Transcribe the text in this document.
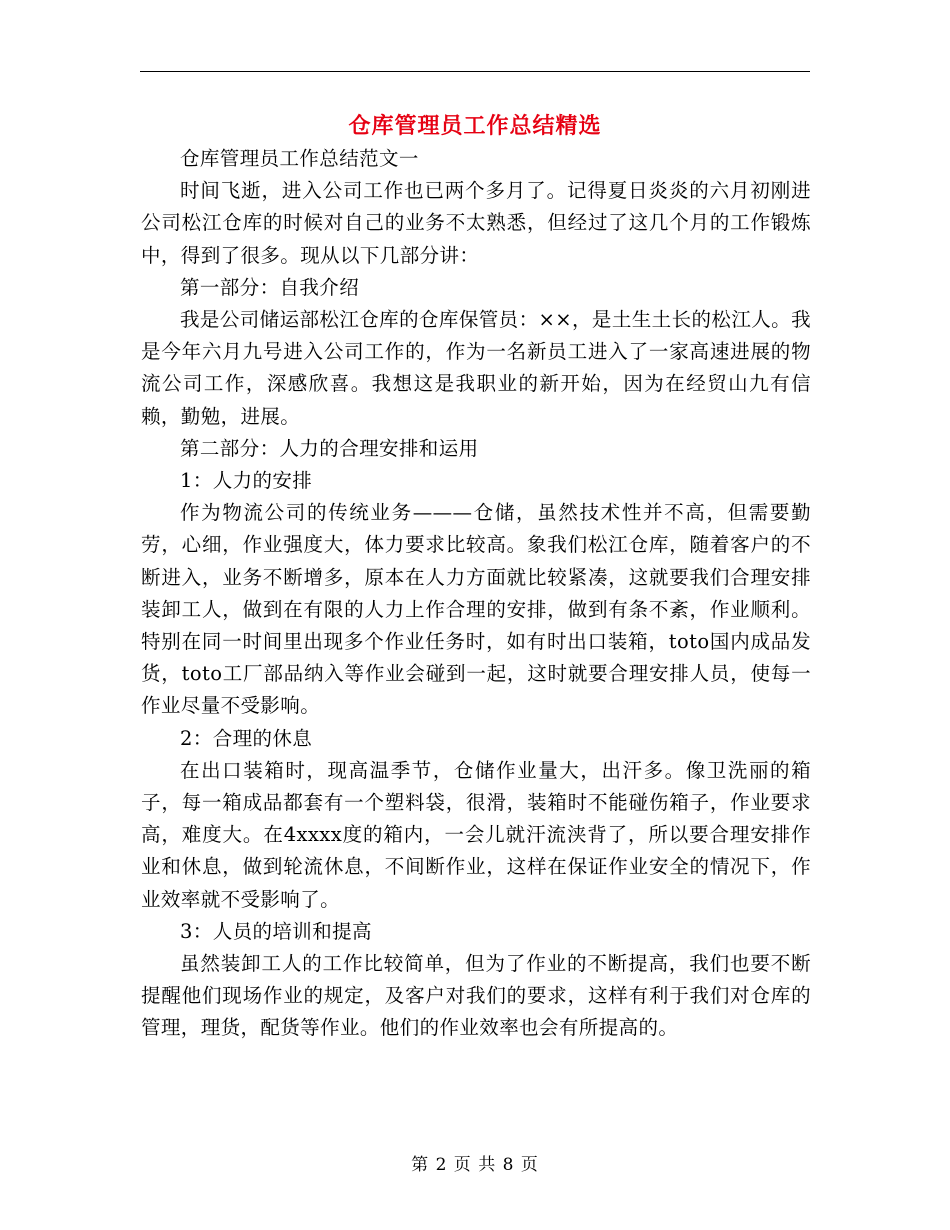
仓库管理员工作总结精选

仓库管理员工作总结范文一

时间飞逝，进入公司工作也已两个多月了。记得夏日炎炎的六月初刚进公司松江仓库的时候对自己的业务不太熟悉，但经过了这几个月的工作锻炼中，得到了很多。现从以下几部分讲：

第一部分：自我介绍

我是公司储运部松江仓库的仓库保管员：××，是土生土长的松江人。我是今年六月九号进入公司工作的，作为一名新员工进入了一家高速进展的物流公司工作，深感欣喜。我想这是我职业的新开始，因为在经贸山九有信赖，勤勉，进展。

第二部分：人力的合理安排和运用

1：人力的安排

作为物流公司的传统业务———仓储，虽然技术性并不高，但需要勤劳，心细，作业强度大，体力要求比较高。象我们松江仓库，随着客户的不断进入，业务不断增多，原本在人力方面就比较紧凑，这就要我们合理安排装卸工人，做到在有限的人力上作合理的安排，做到有条不紊，作业顺利。特别在同一时间里出现多个作业任务时，如有时出口装箱，toto国内成品发货，toto工厂部品纳入等作业会碰到一起，这时就要合理安排人员，使每一作业尽量不受影响。

2：合理的休息

在出口装箱时，现高温季节，仓储作业量大，出汗多。像卫洗丽的箱子，每一箱成品都套有一个塑料袋，很滑，装箱时不能碰伤箱子，作业要求高，难度大。在4xxxx度的箱内，一会儿就汗流浃背了，所以要合理安排作业和休息，做到轮流休息，不间断作业，这样在保证作业安全的情况下，作业效率就不受影响了。

3：人员的培训和提高

虽然装卸工人的工作比较简单，但为了作业的不断提高，我们也要不断提醒他们现场作业的规定，及客户对我们的要求，这样有利于我们对仓库的管理，理货，配货等作业。他们的作业效率也会有所提高的。

第 2 页 共 8 页
